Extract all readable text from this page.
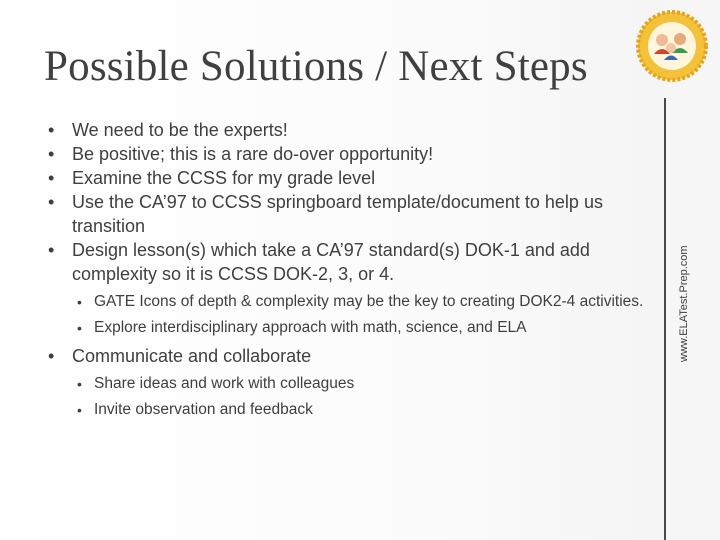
Possible Solutions / Next Steps
www.ELATest.Prep.com
• We need to be the experts!
• Be positive; this is a rare do-over opportunity!
• Examine the CCSS for my grade level
• Use the CA’97 to CCSS springboard template/document to help us transition
• Design lesson(s) which take a CA’97 standard(s) DOK-1 and add complexity so it is CCSS DOK-2, 3, or 4.
• GATE Icons of depth & complexity may be the key to creating DOK2-4 activities.
• Explore interdisciplinary approach with math, science, and ELA
• Communicate and collaborate
• Share ideas and work with colleagues
• Invite observation and feedback
